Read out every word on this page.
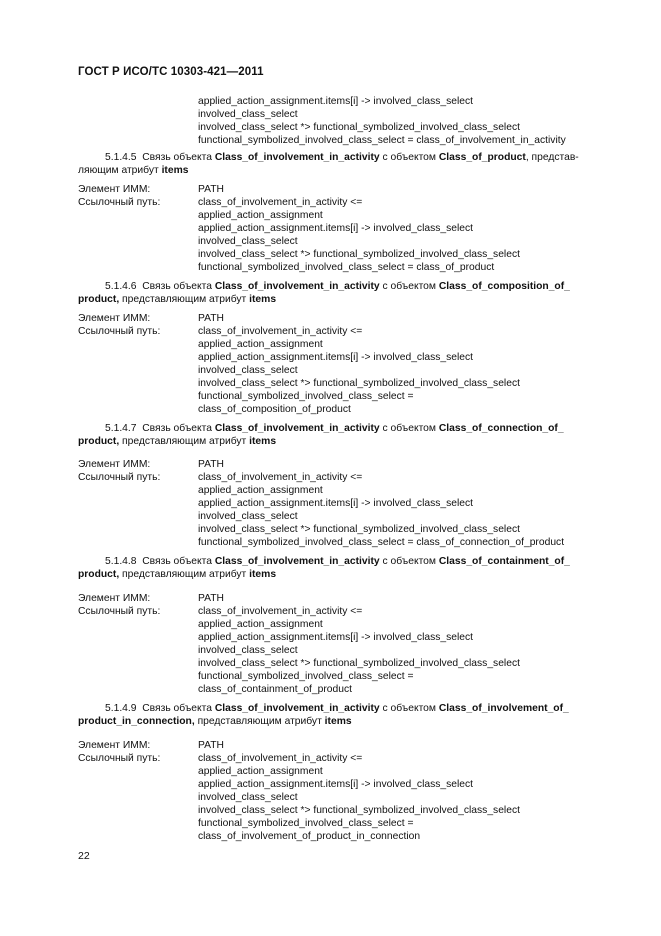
ГОСТ Р ИСО/ТС 10303-421—2011
applied_action_assignment.items[i] -> involved_class_select
involved_class_select
involved_class_select *> functional_symbolized_involved_class_select
functional_symbolized_involved_class_select = class_of_involvement_in_activity
5.1.4.5 Связь объекта Class_of_involvement_in_activity с объектом Class_of_product, представ-
ляющим атрибут items
Элемент ИММ:	PATH
Ссылочный путь:	class_of_involvement_in_activity <=
applied_action_assignment
applied_action_assignment.items[i] -> involved_class_select
involved_class_select
involved_class_select *> functional_symbolized_involved_class_select
functional_symbolized_involved_class_select = class_of_product
5.1.4.6 Связь объекта Class_of_involvement_in_activity с объектом Class_of_composition_of_
product, представляющим атрибут items
Элемент ИММ:	PATH
Ссылочный путь:	class_of_involvement_in_activity <=
applied_action_assignment
applied_action_assignment.items[i] -> involved_class_select
involved_class_select
involved_class_select *> functional_symbolized_involved_class_select
functional_symbolized_involved_class_select =
class_of_composition_of_product
5.1.4.7 Связь объекта Class_of_involvement_in_activity с объектом Class_of_connection_of_
product, представляющим атрибут items
Элемент ИММ:	PATH
Ссылочный путь:	class_of_involvement_in_activity <=
applied_action_assignment
applied_action_assignment.items[i] -> involved_class_select
involved_class_select
involved_class_select *> functional_symbolized_involved_class_select
functional_symbolized_involved_class_select = class_of_connection_of_product
5.1.4.8 Связь объекта Class_of_involvement_in_activity с объектом Class_of_containment_of_
product, представляющим атрибут items
Элемент ИММ:	PATH
Ссылочный путь:	class_of_involvement_in_activity <=
applied_action_assignment
applied_action_assignment.items[i] -> involved_class_select
involved_class_select
involved_class_select *> functional_symbolized_involved_class_select
functional_symbolized_involved_class_select =
class_of_containment_of_product
5.1.4.9 Связь объекта Class_of_involvement_in_activity с объектом Class_of_involvement_of_
product_in_connection, представляющим атрибут items
Элемент ИММ:	PATH
Ссылочный путь:	class_of_involvement_in_activity <=
applied_action_assignment
applied_action_assignment.items[i] -> involved_class_select
involved_class_select
involved_class_select *> functional_symbolized_involved_class_select
functional_symbolized_involved_class_select =
class_of_involvement_of_product_in_connection
22
